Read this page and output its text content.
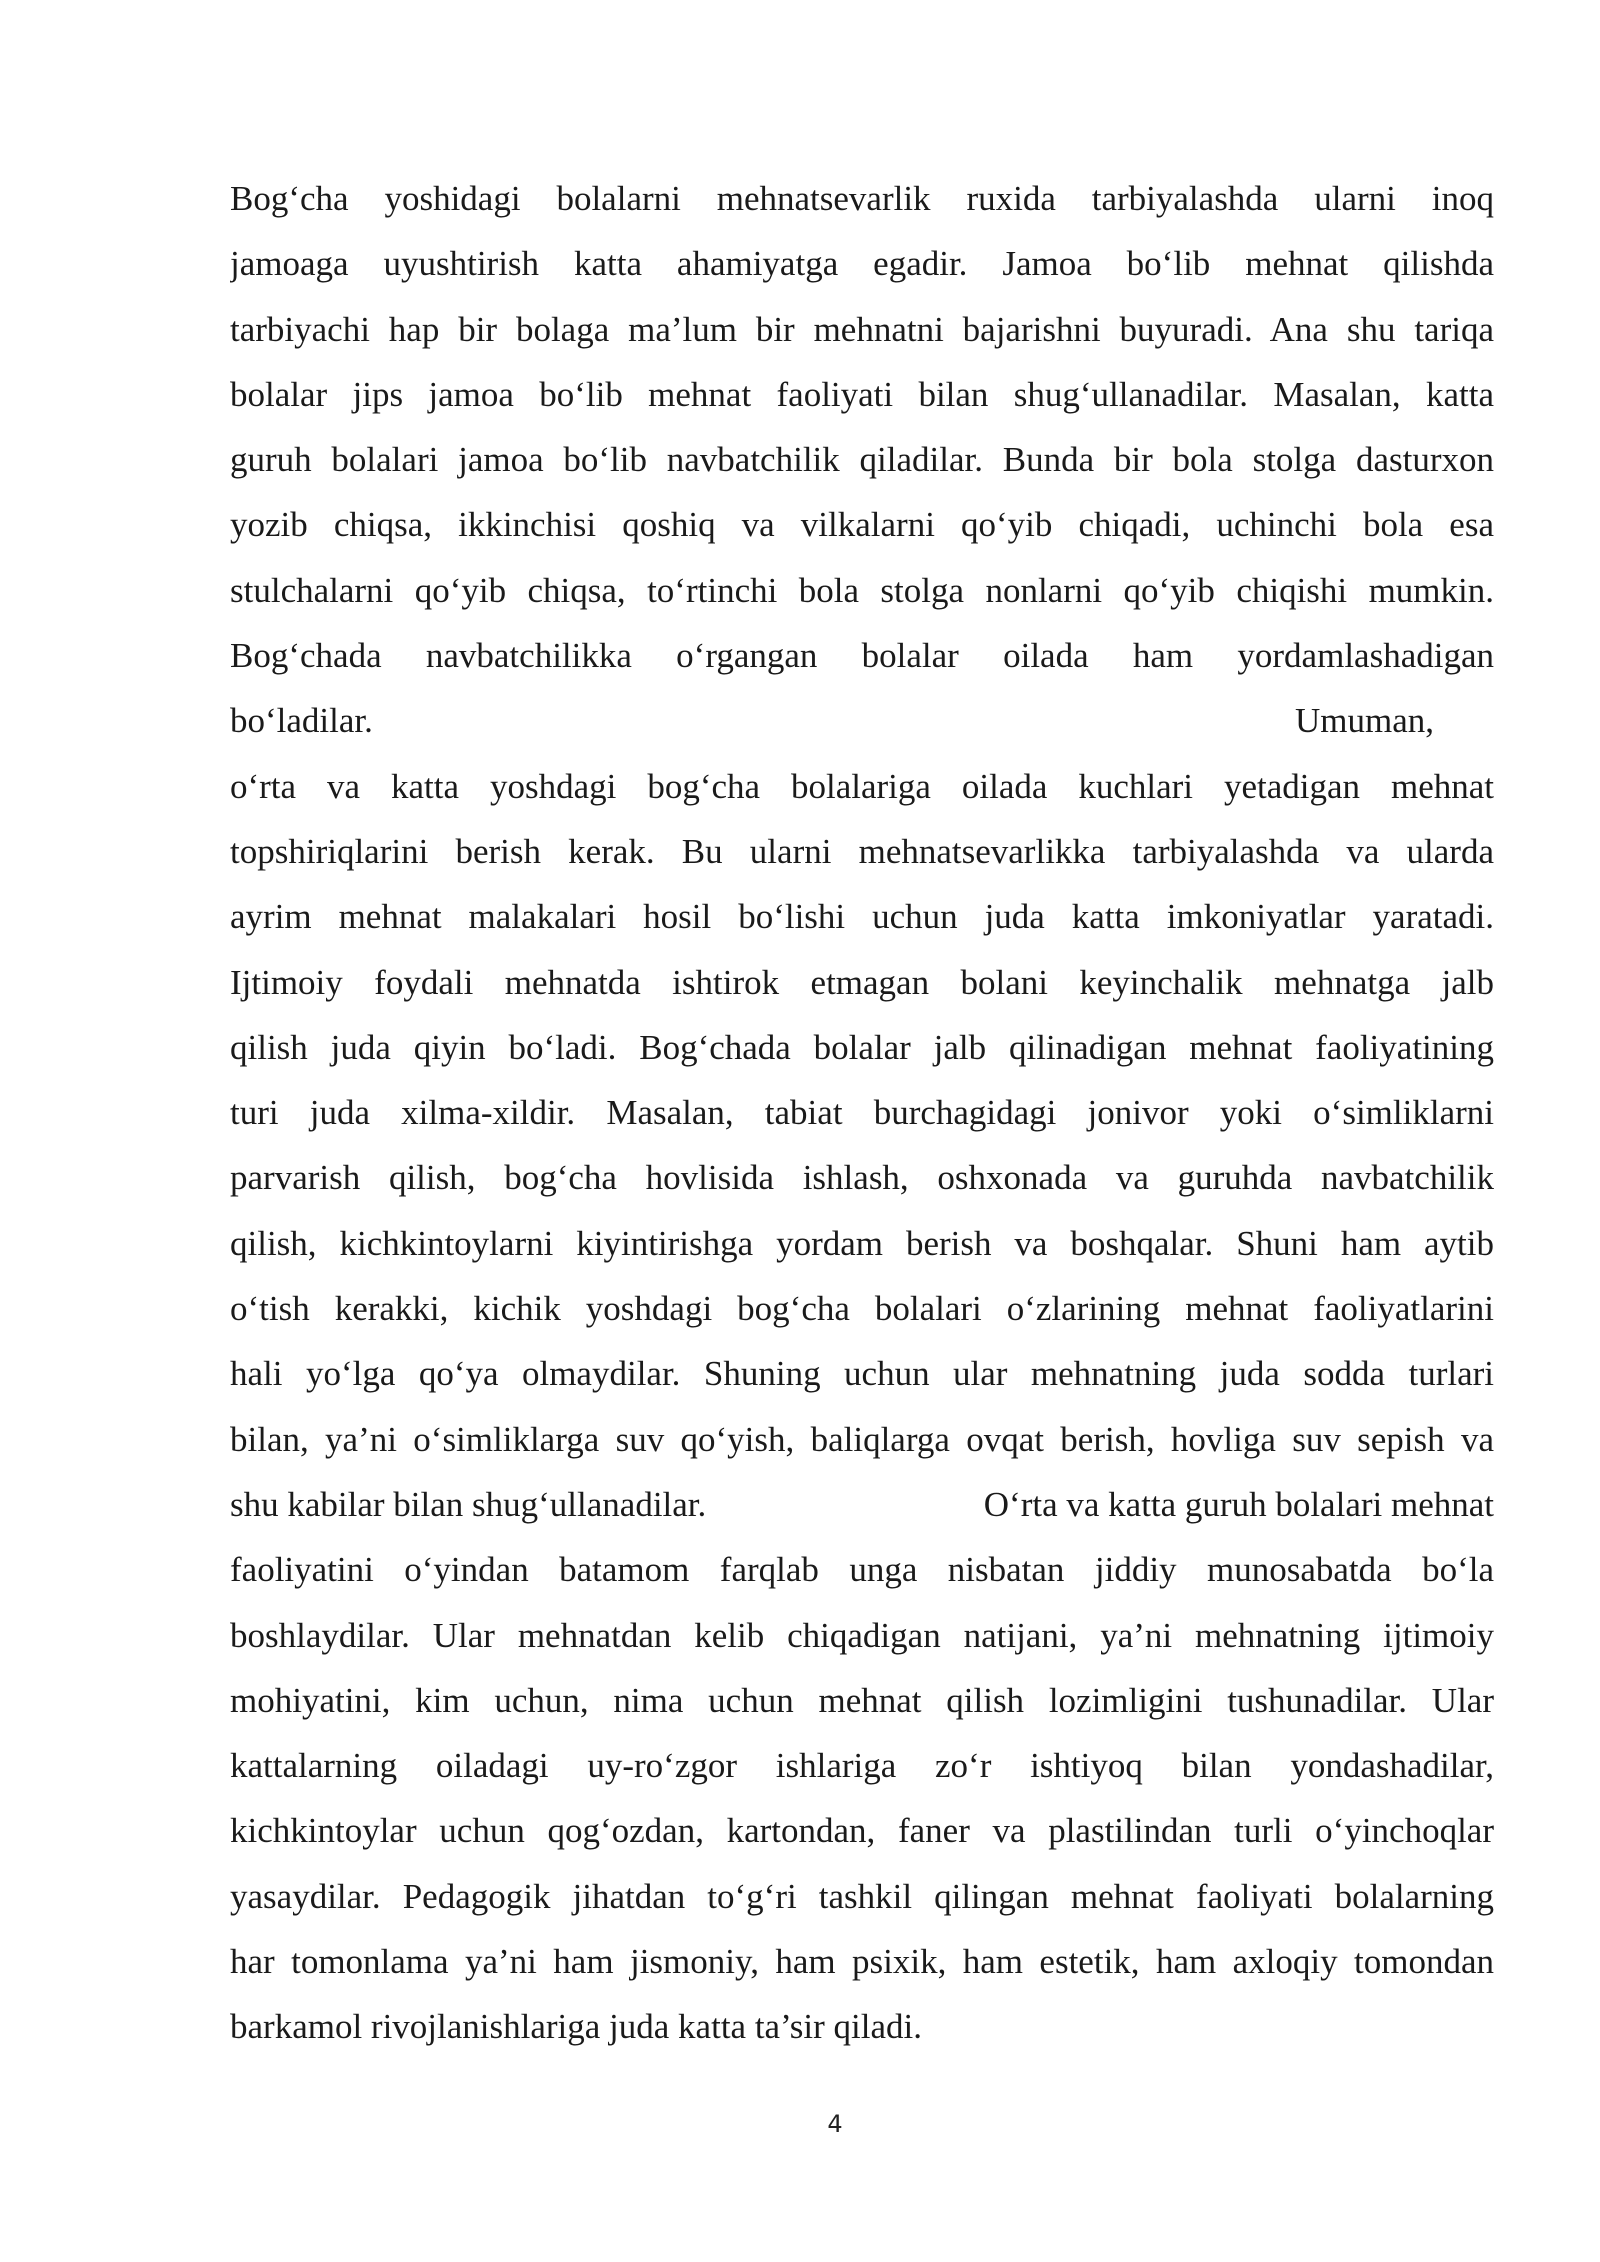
Bog‘cha yoshidagi bolalarni mehnatsevarlik ruxida tarbiyalashda ularni inoq
jamoaga uyushtirish katta ahamiyatga egadir. Jamoa bo‘lib mehnat qilishda
tarbiyachi hap bir bolaga ma’lum bir mehnatni bajarishni buyuradi. Ana shu tariqa
bolalar jips jamoa bo‘lib mehnat faoliyati bilan shug‘ullanadilar. Masalan, katta
guruh bolalari jamoa bo‘lib navbatchilik qiladilar. Bunda bir bola stolga dasturxon
yozib chiqsa, ikkinchisi qoshiq va vilkalarni qo‘yib chiqadi, uchinchi bola esa
stulchalarni qo‘yib chiqsa, to‘rtinchi bola stolga nonlarni qo‘yib chiqishi mumkin.
Bog‘chada navbatchilikka o‘rgangan bolalar oilada ham yordamlashadigan
bo‘ladilar.	Umuman,
o‘rta va katta yoshdagi bog‘cha bolalariga oilada kuchlari yetadigan mehnat
topshiriqlarini berish kerak. Bu ularni mehnatsevarlikka tarbiyalashda va ularda
ayrim mehnat malakalari hosil bo‘lishi uchun juda katta imkoniyatlar yaratadi.
Ijtimoiy foydali mehnatda ishtirok etmagan bolani keyinchalik mehnatga jalb
qilish juda qiyin bo‘ladi. Bog‘chada bolalar jalb qilinadigan mehnat faoliyatining
turi juda xilma-xildir. Masalan, tabiat burchagidagi jonivor yoki o‘simliklarni
parvarish qilish, bog‘cha hovlisida ishlash, oshxonada va guruhda navbatchilik
qilish, kichkintoylarni kiyintirishga yordam berish va boshqalar. Shuni ham aytib
o‘tish kerakki, kichik yoshdagi bog‘cha bolalari o‘zlarining mehnat faoliyatlarini
hali yo‘lga qo‘ya olmaydilar. Shuning uchun ular mehnatning juda sodda turlari
bilan, ya’ni o‘simliklarga suv qo‘yish, baliqlarga ovqat berish, hovliga suv sepish va
shu kabilar bilan shug‘ullanadilar.	O‘rta va katta guruh bolalari mehnat
faoliyatini o‘yindan batamom farqlab unga nisbatan jiddiy munosabatda bo‘la
boshlaydilar. Ular mehnatdan kelib chiqadigan natijani, ya’ni mehnatning ijtimoiy
mohiyatini, kim uchun, nima uchun mehnat qilish lozimligini tushunadilar. Ular
kattalarning oiladagi uy-ro‘zgor ishlariga zo‘r ishtiyoq bilan yondashadilar,
kichkintoylar uchun qog‘ozdan, kartondan, faner va plastilindan turli o‘yinchoqlar
yasaydilar. Pedagogik jihatdan to‘g‘ri tashkil qilingan mehnat faoliyati bolalarning
har tomonlama ya’ni ham jismoniy, ham psixik, ham estetik, ham axloqiy tomondan
barkamol rivojlanishlariga juda katta ta’sir qiladi.
4
